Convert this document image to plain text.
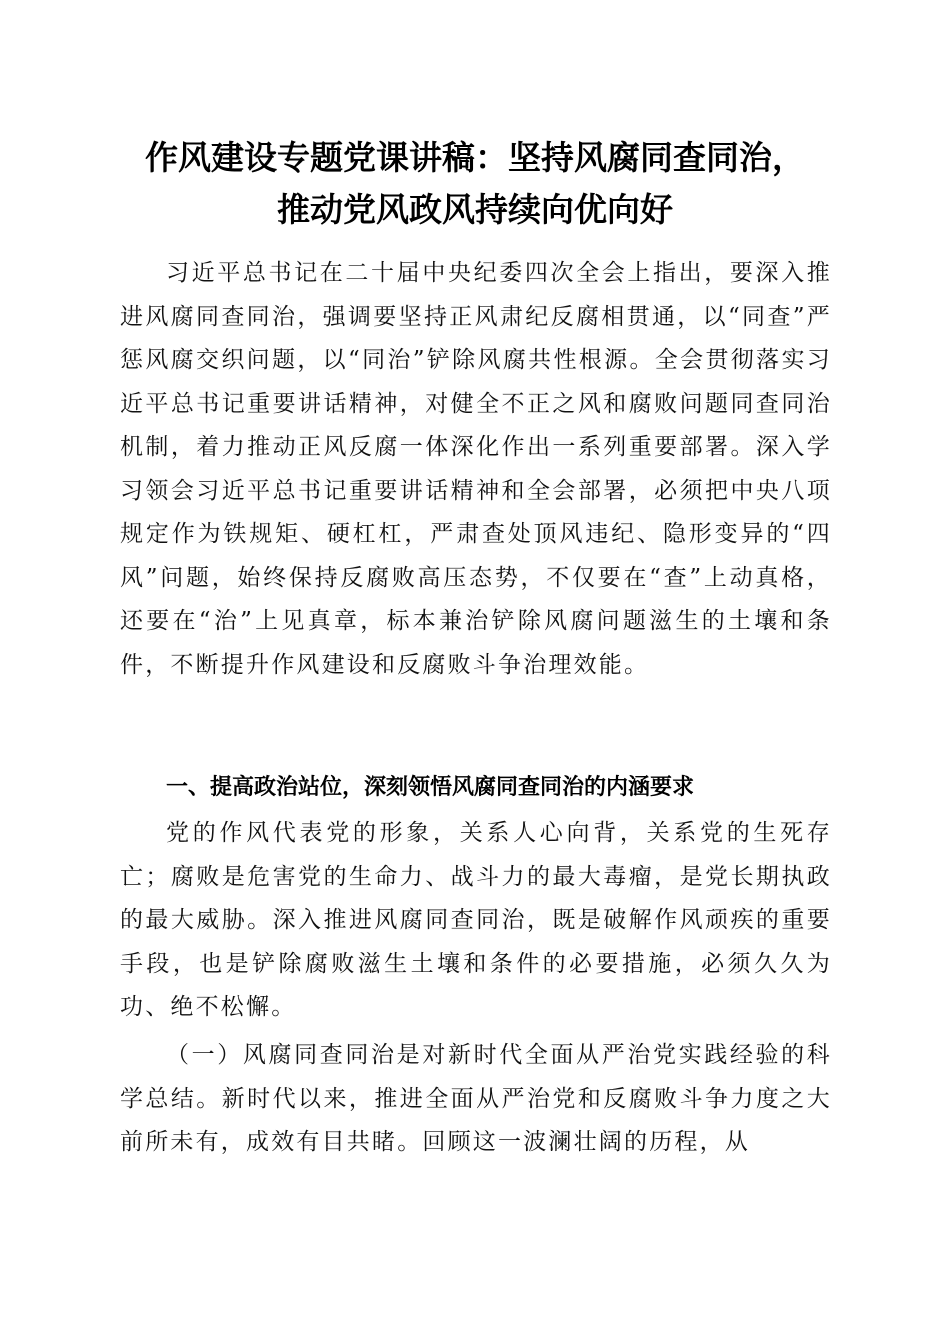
作风建设专题党课讲稿：坚持风腐同查同治，
推动党风政风持续向优向好

习近平总书记在二十届中央纪委四次全会上指出，要深入推进风腐同查同治，强调要坚持正风肃纪反腐相贯通，以“同查”严惩风腐交织问题，以“同治”铲除风腐共性根源。全会贯彻落实习近平总书记重要讲话精神，对健全不正之风和腐败问题同查同治机制，着力推动正风反腐一体深化作出一系列重要部署。深入学习领会习近平总书记重要讲话精神和全会部署，必须把中央八项规定作为铁规矩、硬杠杠，严肃查处顶风违纪、隐形变异的“四风”问题，始终保持反腐败高压态势，不仅要在“查”上动真格，还要在“治”上见真章，标本兼治铲除风腐问题滋生的土壤和条件，不断提升作风建设和反腐败斗争治理效能。

一、提高政治站位，深刻领悟风腐同查同治的内涵要求

党的作风代表党的形象，关系人心向背，关系党的生死存亡；腐败是危害党的生命力、战斗力的最大毒瘤，是党长期执政的最大威胁。深入推进风腐同查同治，既是破解作风顽疾的重要手段，也是铲除腐败滋生土壤和条件的必要措施，必须久久为功、绝不松懈。

（一）风腐同查同治是对新时代全面从严治党实践经验的科学总结。新时代以来，推进全面从严治党和反腐败斗争力度之大前所未有，成效有目共睹。回顾这一波澜壮阔的历程，从
